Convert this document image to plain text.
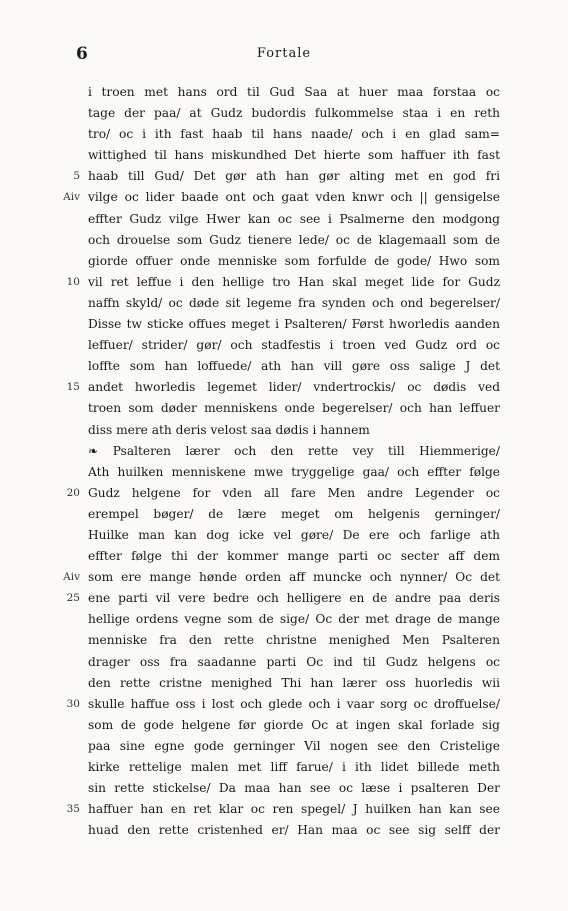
6	Fortale
i troen met hans ord til Gud Saa at huer maa forstaa oc
tage der paa/ at Gudz budordis fulkommelse staa i en reth
tro/ oc i ith fast haab til hans naade/ och i en glad sam=
wittighed til hans miskundhed Det hierte som haffuer ith fast
5 haab till Gud/ Det gør ath han gør alting met en god fri
Aiv vilge oc lider baade ont och gaat vden knwr och || gensigelse
effter Gudz vilge Hwer kan oc see i Psalmerne den modgong
och drouelse som Gudz tienere lede/ oc de klagemaall som de
giorde offuer onde menniske som forfulde de gode/ Hwo som
10 vil ret leffue i den hellige tro Han skal meget lide for Gudz
naffn skyld/ oc døde sit legeme fra synden och ond begerelser/
Disse tw sticke offues meget i Psalteren/ Først hworledis aanden
leffuer/ strider/ gør/ och stadfestis i troen ved Gudz ord oc
loffte som han loffuede/ ath han vill gøre oss salige J det
15 andet hworledis legemet lider/ vndertrockis/ oc dødis ved
troen som døder menniskens onde begerelser/ och han leffuer
diss mere ath deris velost saa dødis i hannem
❧ Psalteren lærer och den rette vey till Hiemmerige/
Ath huilken menniskene mwe tryggelige gaa/ och effter følge
20 Gudz helgene for vden all fare Men andre Legender oc
erempel bøger/ de lære meget om helgenis gerninger/
Huilke man kan dog icke vel gøre/ De ere och farlige ath
effter følge thi der kommer mange parti oc secter aff dem
Aiv som ere mange hønde orden aff muncke och nynner/ Oc det
25 ene parti vil vere bedre och helligere en de andre paa deris
hellige ordens vegne som de sige/ Oc der met drage de mange
menniske fra den rette christne menighed Men Psalteren
drager oss fra saadanne parti Oc ind til Gudz helgens oc
den rette cristne menighed Thi han lærer oss huorledis wii
30 skulle haffue oss i lost och glede och i vaar sorg oc droffuelse/
som de gode helgene før giorde Oc at ingen skal forlade sig
paa sine egne gode gerninger Vil nogen see den Cristelige
kirke rettelige malen met liff farue/ i ith lidet billede meth
sin rette stickelse/ Da maa han see oc læse i psalteren Der
35 haffuer han en ret klar oc ren spegel/ J huilken han kan see
huad den rette cristenhed er/ Han maa oc see sig selff der
